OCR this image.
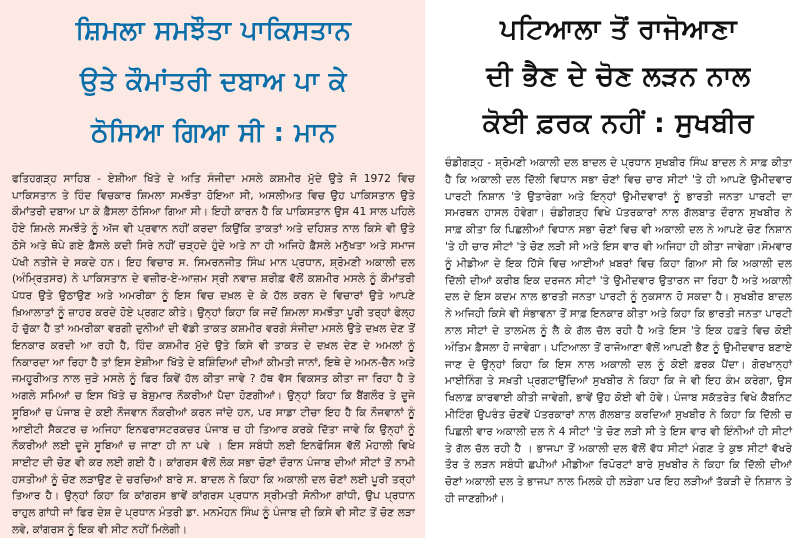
ਸ਼ਿਮਲਾ ਸਮਝੌਤਾ ਪਾਕਿਸਤਾਨ
ਉਤੇ ਕੌਮਾਂਤਰੀ ਦਬਾਅ ਪਾ ਕੇ
ਠੋਸਿਆ ਗਿਆ ਸੀ : ਮਾਨ

ਫਤਿਹਗੜ੍ਹ ਸਾਹਿਬ - ਏਸ਼ੀਆ ਖਿੱਤੇ ਦੇ ਅਤਿ ਸੰਜੀਦਾ ਮਸਲੇ ਕਸ਼ਮੀਰ ਮੁੱਦੇ ਉਤੇ ਜੋ 1972 ਵਿਚ ਪਾਕਿਸਤਾਨ ਤੇ ਹਿੰਦ ਵਿਚਕਾਰ ਸ਼ਿਮਲਾ ਸਮਝੌਤਾ ਹੋਇਆ ਸੀ, ਅਸਲੀਅਤ ਵਿਚ ਉਹ ਪਾਕਿਸਤਾਨ ਉਤੇ ਕੌਮਾਂਤਰੀ ਦਬਾਅ ਪਾ ਕੇ ਫ਼ੈਸਲਾ ਠੋਸਿਆ ਗਿਆ ਸੀ। ਇਹੀ ਕਾਰਨ ਹੈ ਕਿ ਪਾਕਿਸਤਾਨ ਉਸ 41 ਸਾਲ ਪਹਿਲੇ ਹੋਏ ਸ਼ਿਮਲੇ ਸਮਝੌਤੇ ਨੂੰ ਅੱਜ ਵੀ ਪ੍ਰਵਾਨ ਨਹੀਂ ਕਰਦਾ ਕਿਉਂਕਿ ਤਾਕਤਾਂ ਅਤੇ ਦਹਿਸ਼ਤ ਨਾਲ ਕਿਸੇ ਵੀ ਉਤੇ ਠੋਸੇ ਅਤੇ ਥੋਪੇ ਗਏ ਫ਼ੈਸਲੇ ਕਦੀ ਸਿਰੇ ਨਹੀਂ ਚੜ੍ਹਦੇ ਹੁੰਦੇ ਅਤੇ ਨਾ ਹੀ ਅਜਿਹੇ ਫ਼ੈਸਲੇ ਮਨੁੱਖਤਾ ਅਤੇ ਸਮਾਜ ਪੱਖੀ ਨਤੀਜੇ ਦੇ ਸਕਦੇ ਹਨ। ਇਹ ਵਿਚਾਰ ਸ. ਸਿਮਰਨਜੀਤ ਸਿੰਘ ਮਾਨ ਪ੍ਰਧਾਨ, ਸ਼੍ਰੋਮਣੀ ਅਕਾਲੀ ਦਲ (ਅੰਮ੍ਰਿਤਸਰ) ਨੇ ਪਾਕਿਸਤਾਨ ਦੇ ਵਜ਼ੀਰ-ਏ-ਆਜ਼ਮ ਸ੍ਰੀ ਨਵਾਜ਼ ਸ਼ਰੀਫ਼ ਵੱਲੋਂ ਕਸ਼ਮੀਰ ਮਸਲੇ ਨੂੰ ਕੌਮਾਂਤਰੀ ਪੱਧਰ ਉਤੇ ਉਠਾਉਣ ਅਤੇ ਅਮਰੀਕਾ ਨੂੰ ਇਸ ਵਿਚ ਦਖ਼ਲ ਦੇ ਕੇ ਹੱਲ ਕਰਨ ਦੇ ਵਿਚਾਰਾਂ ਉਤੇ ਆਪਣੇ ਖ਼ਿਆਲਾਤਾਂ ਨੂੰ ਜ਼ਾਹਰ ਕਰਦੇ ਹੋਏ ਪ੍ਰਗਟ ਕੀਤੇ। ਉਨ੍ਹਾਂ ਕਿਹਾ ਕਿ ਜਦੋਂ ਸ਼ਿਮਲਾ ਸਮਝੌਤਾ ਪੂਰੀ ਤਰ੍ਹਾਂ ਫੇਲ੍ਹ ਹੋ ਚੁੱਕਾ ਹੈ ਤਾਂ ਅਮਰੀਕਾ ਵਰਗੀ ਦੁਨੀਆਂ ਦੀ ਵੱਡੀ ਤਾਕਤ ਕਸ਼ਮੀਰ ਵਰਗੇ ਸੰਜੀਦਾ ਮਸਲੇ ਉਤੇ ਦਖ਼ਲ ਦੇਣ ਤੋਂ ਇਨਕਾਰ ਕਰਦੀ ਆ ਰਹੀ ਹੈ, ਹਿੰਦ ਕਸ਼ਮੀਰ ਮੁੱਦੇ ਉਤੇ ਕਿਸੇ ਵੀ ਤਾਕਤ ਦੇ ਦਖ਼ਲ ਦੇਣ ਦੇ ਅਮਲਾਂ ਨੂੰ ਨਿਕਾਰਦਾ ਆ ਰਿਹਾ ਹੈ ਤਾਂ ਇਸ ਏਸ਼ੀਆ ਖਿੱਤੇ ਦੇ ਬਸ਼ਿੰਦਿਆਂ ਦੀਆਂ ਕੀਮਤੀ ਜਾਨਾਂ, ਇਥੇ ਦੇ ਅਮਨ-ਚੈਨ ਅਤੇ ਜਮਹੂਰੀਅਤ ਨਾਲ ਜੁੜੇ ਮਸਲੇ ਨੂੰ ਫਿਰ ਕਿਵੇਂ ਹੱਲ ਕੀਤਾ ਜਾਵੇ ? ਹੱਥ ਵੱਸ ਵਿਕਸਤ ਕੀਤਾ ਜਾ ਰਿਹਾ ਹੈ ਤੇ ਅਗਲੇ ਸਮਿਆਂ ਚ ਇਸ ਖਿੱਤੇ ਚ ਬੇਸ਼ੁਮਾਰ ਨੌਕਰੀਆਂ ਪੈਦਾ ਹੋਣਗੀਆਂ। ਉਨ੍ਹਾਂ ਕਿਹਾ ਕਿ ਬੈਂਗਲੌਰ ਤੇ ਦੂਜੇ ਸੂਬਿਆਂ ਚ ਪੰਜਾਬ ਦੇ ਕਈ ਨੌਜਵਾਨ ਨੌਕਰੀਆਂ ਕਰਨ ਜਾਂਦੇ ਹਨ, ਪਰ ਸਾਡਾ ਟੀਚਾ ਇਹ ਹੈ ਕਿ ਨੌਜਵਾਨਾਂ ਨੂੰ ਆਈਟੀ ਸੈਕਟਰ ਚ ਅਜਿਹਾ ਇਨਫਰਾਸਟਰਕਚਰ ਪੰਜਾਬ ਚ ਹੀ ਤਿਆਰ ਕਰਕੇ ਦਿੱਤਾ ਜਾਵੇ ਕਿ ਉਨ੍ਹਾਂ ਨੂੰ ਨੌਕਰੀਆਂ ਲਈ ਦੂਜੇ ਸੂਬਿਆਂ ਚ ਜਾਣਾ ਹੀ ਨਾ ਪਵੇ । ਇਸ ਸਬੰਧੀ ਲਈ ਇਨਫੋਸਿਸ ਵੱਲੋਂ ਮੋਹਾਲੀ ਵਿਖੇ ਸਾਈਟ ਦੀ ਚੋਣ ਵੀ ਕਰ ਲਈ ਗਈ ਹੈ। ਕਾਂਗਰਸ ਵੱਲੋਂ ਲੋਕ ਸਭਾ ਚੋਣਾਂ ਦੌਰਾਨ ਪੰਜਾਬ ਦੀਆਂ ਸੀਟਾਂ ਤੋਂ ਨਾਮੀ ਹਸਤੀਆਂ ਨੂੰ ਚੋਣ ਲੜਾਉਣ ਦੇ ਚਰਚਿਆਂ ਬਾਰੇ ਸ. ਬਾਦਲ ਨੇ ਕਿਹਾ ਕਿ ਅਕਾਲੀ ਦਲ ਚੋਣਾਂ ਲਈ ਪੂਰੀ ਤਰ੍ਹਾਂ ਤਿਆਰ ਹੈ। ਉਨ੍ਹਾਂ ਕਿਹਾ ਕਿ ਕਾਂਗਰਸ ਭਾਵੇਂ ਕਾਂਗਰਸ ਪ੍ਰਧਾਨ ਸ੍ਰੀਮਤੀ ਸੋਨੀਆ ਗਾਂਧੀ, ਉਪ ਪ੍ਰਧਾਨ ਰਾਹੁਲ ਗਾਂਧੀ ਜਾਂ ਫਿਰ ਦੇਸ਼ ਦੇ ਪ੍ਰਧਾਨ ਮੰਤਰੀ ਡਾ. ਮਨਮੋਹਨ ਸਿੰਘ ਨੂੰ ਪੰਜਾਬ ਦੀ ਕਿਸੇ ਵੀ ਸੀਟ ਤੋਂ ਚੋਣ ਲੜਾ ਲਵੇ, ਕਾਂਗਰਸ ਨੂੰ ਇਕ ਵੀ ਸੀਟ ਨਹੀਂ ਮਿਲੇਗੀ।

ਪਟਿਆਲਾ ਤੋਂ ਰਾਜੋਆਣਾ
ਦੀ ਭੈਣ ਦੇ ਚੋਣ ਲੜਨ ਨਾਲ
ਕੋਈ ਫ਼ਰਕ ਨਹੀਂ : ਸੁਖਬੀਰ

ਚੰਡੀਗੜ੍ਹ - ਸ਼੍ਰੋਮਣੀ ਅਕਾਲੀ ਦਲ ਬਾਦਲ ਦੇ ਪ੍ਰਧਾਨ ਸੁਖਬੀਰ ਸਿੰਘ ਬਾਦਲ ਨੇ ਸਾਫ਼ ਕੀਤਾ ਹੈ ਕਿ ਅਕਾਲੀ ਦਲ ਦਿੱਲੀ ਵਿਧਾਨ ਸਭਾ ਚੋਣਾਂ ਵਿਚ ਚਾਰ ਸੀਟਾਂ 'ਤੇ ਹੀ ਆਪਣੇ ਉਮੀਦਵਾਰ ਪਾਰਟੀ ਨਿਸ਼ਾਨ 'ਤੇ ਉਤਾਰੇਗਾ ਅਤੇ ਇਨ੍ਹਾਂ ਉਮੀਦਵਾਰਾਂ ਨੂੰ ਭਾਰਤੀ ਜਨਤਾ ਪਾਰਟੀ ਦਾ ਸਮਰਥਨ ਹਾਸਲ ਹੋਵੇਗਾ। ਚੰਡੀਗੜ੍ਹ ਵਿਖੇ ਪੱਤਰਕਾਰਾਂ ਨਾਲ ਗੱਲਬਾਤ ਦੌਰਾਨ ਸੁਖਬੀਰ ਨੇ ਸਾਫ਼ ਕੀਤਾ ਕਿ ਪਿਛਲੀਆਂ ਵਿਧਾਨ ਸਭਾ ਚੋਣਾਂ ਵਿਚ ਵੀ ਅਕਾਲੀ ਦਲ ਨੇ ਆਪਣੇ ਚੋਣ ਨਿਸ਼ਾਨ 'ਤੇ ਹੀ ਚਾਰ ਸੀਟਾਂ 'ਤੇ ਚੋਣ ਲੜੀ ਸੀ ਅਤੇ ਇਸ ਵਾਰ ਵੀ ਅਜਿਹਾ ਹੀ ਕੀਤਾ ਜਾਵੇਗਾ।ਸੋਮਵਾਰ ਨੂੰ ਮੀਡੀਆ ਦੇ ਇਕ ਹਿੱਸੇ ਵਿਚ ਆਈਆਂ ਖ਼ਬਰਾਂ ਵਿਚ ਕਿਹਾ ਗਿਆ ਸੀ ਕਿ ਅਕਾਲੀ ਦਲ ਦਿੱਲੀ ਦੀਆਂ ਕਰੀਬ ਇਕ ਦਰਜਨ ਸੀਟਾਂ 'ਤੇ ਉਮੀਦਵਾਰ ਉਤਾਰਨ ਜਾ ਰਿਹਾ ਹੈ ਅਤੇ ਅਕਾਲੀ ਦਲ ਦੇ ਇਸ ਕਦਮ ਨਾਲ ਭਾਰਤੀ ਜਨਤਾ ਪਾਰਟੀ ਨੂੰ ਨੁਕਸਾਨ ਹੋ ਸਕਦਾ ਹੈ। ਸੁਖਬੀਰ ਬਾਦਲ ਨੇ ਅਜਿਹੀ ਕਿਸੇ ਵੀ ਸੰਭਾਵਨਾ ਤੋਂ ਸਾਫ਼ ਇਨਕਾਰ ਕੀਤਾ ਅਤੇ ਕਿਹਾ ਕਿ ਭਾਰਤੀ ਜਨਤਾ ਪਾਰਟੀ ਨਾਲ ਸੀਟਾਂ ਦੇ ਤਾਲਮੇਲ ਨੂੰ ਲੈ ਕੇ ਗੱਲ ਚੱਲ ਰਹੀ ਹੈ ਅਤੇ ਇਸ 'ਤੇ ਇਕ ਹਫ਼ਤੇ ਵਿਚ ਕੋਈ ਅੰਤਿਮ ਫ਼ੈਸਲਾ ਹੋ ਜਾਵੇਗਾ। ਪਟਿਆਲਾ ਤੋਂ ਰਾਜੋਆਣਾ ਵੱਲੋਂ ਆਪਣੀ ਭੈਣ ਨੂੰ ਉਮੀਦਵਾਰ ਬਣਾਏ ਜਾਣ ਦੇ ਉਨ੍ਹਾਂ ਕਿਹਾ ਕਿ ਇਸ ਨਾਲ ਅਕਾਲੀ ਦਲ ਨੂੰ ਕੋਈ ਫ਼ਰਕ ਪੈਂਦਾ। ਗੋਰਖਾਨ੍ਹਾਂ ਮਾਈਨਿੰਗ ਤੇ ਸਖ਼ਤੀ ਪ੍ਰਗਟਾਉਂਦਿਆਂ ਸੁਖਬੀਰ ਨੇ ਕਿਹਾ ਕਿ ਜੇ ਵੀ ਇਹ ਕੰਮ ਕਰੇਗਾ, ਉਸ ਖਿਲਾਫ਼ ਕਾਰਵਾਈ ਕੀਤੀ ਜਾਵੇਗੀ, ਭਾਵੇਂ ਉਹ ਕੋਈ ਵੀ ਹੋਵੇ। ਪੰਜਾਬ ਸਕੱਤਰੇਤ ਵਿਖੇ ਕੈਬਨਿਟ ਮੀਟਿੰਗ ਉਪਰੰਤ ਚੋਣਵੇਂ ਪੱਤਰਕਾਰਾਂ ਨਾਲ ਗੱਲਬਾਤ ਕਰਦਿਆਂ ਸੁਖਬੀਰ ਨੇ ਕਿਹਾ ਕਿ ਦਿੱਲੀ ਚ ਪਿਛਲੀ ਵਾਰ ਅਕਾਲੀ ਦਲ ਨੇ 4 ਸੀਟਾਂ 'ਤੇ ਚੋਣ ਲੜੀ ਸੀ ਤੇ ਇਸ ਵਾਰ ਵੀ ਇੰਨੀਆਂ ਹੀ ਸੀਟਾਂ ਤੇ ਗੱਲ ਚੱਲ ਰਹੀ ਹੈ । ਭਾਜਪਾ ਤੋਂ ਅਕਾਲੀ ਦਲ ਵੱਲੋਂ ਵੱਧ ਸੀਟਾਂ ਮੰਗਣ ਤੇ ਕੁਝ ਸੀਟਾਂ ਵੱਖਰੇ ਤੌਰ ਤੇ ਲੜਨ ਸਬੰਧੀ ਛਪੀਆਂ ਮੀਡੀਆ ਰਿਪੋਰਟਾਂ ਬਾਰੇ ਸੁਖਬੀਰ ਨੇ ਕਿਹਾ ਕਿ ਦਿੱਲੀ ਦੀਆਂ ਚੋਣਾਂ ਅਕਾਲੀ ਦਲ ਤੇ ਭਾਜਪਾ ਨਾਲ ਮਿਲਕੇ ਹੀ ਲੜੇਗਾ ਪਰ ਇਹ ਲੜੀਆਂ ਤੱਕੜੀ ਦੇ ਨਿਸ਼ਾਨ ਤੇ ਹੀ ਜਾਣਗੀਆਂ।
